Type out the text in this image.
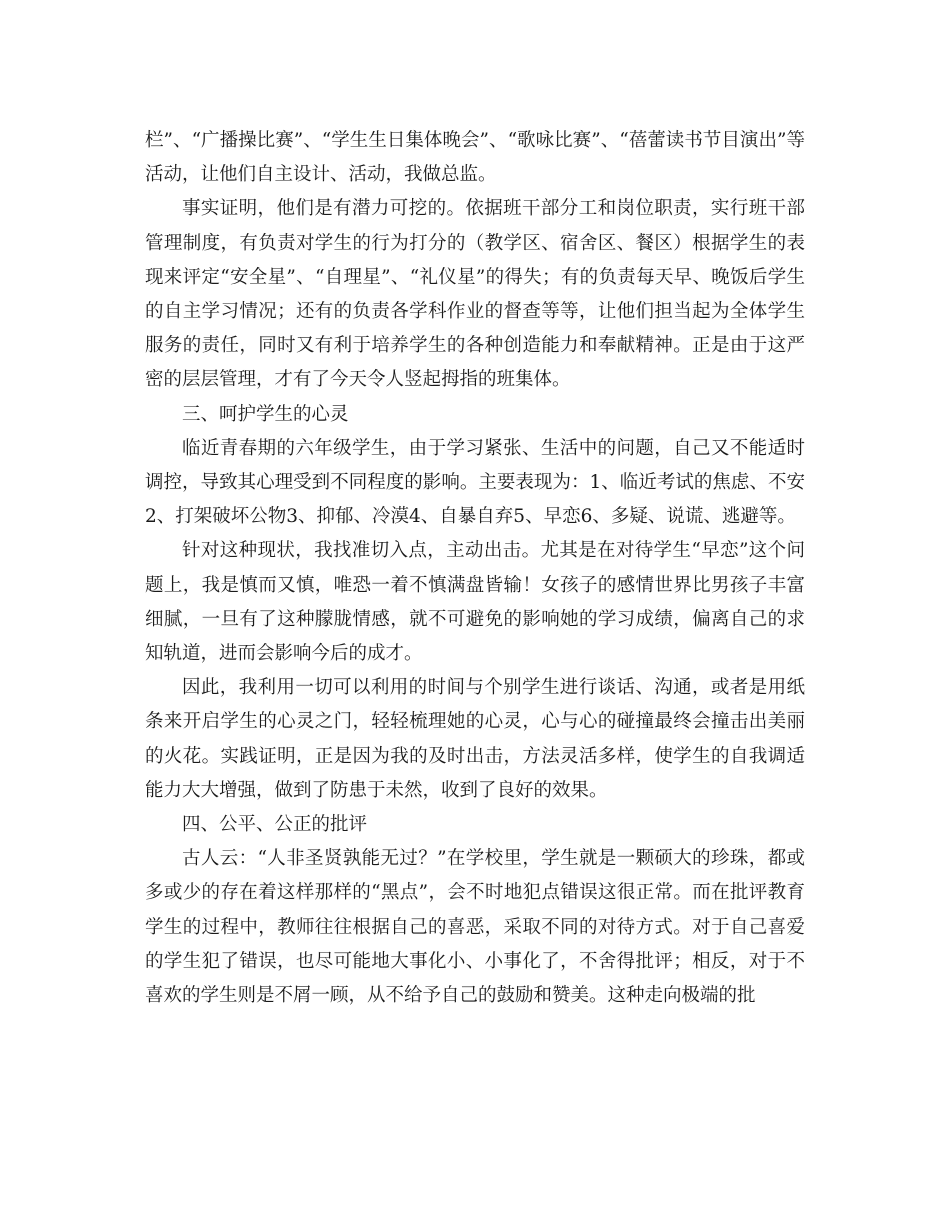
栏”、“广播操比赛”、“学生生日集体晚会”、“歌咏比赛”、“蓓蕾读书节目演出”等活动，让他们自主设计、活动，我做总监。

事实证明，他们是有潜力可挖的。依据班干部分工和岗位职责，实行班干部管理制度，有负责对学生的行为打分的（教学区、宿舍区、餐区）根据学生的表现来评定“安全星”、“自理星”、“礼仪星”的得失；有的负责每天早、晚饭后学生的自主学习情况；还有的负责各学科作业的督查等等，让他们担当起为全体学生服务的责任，同时又有利于培养学生的各种创造能力和奉献精神。正是由于这严密的层层管理，才有了今天令人竖起拇指的班集体。

三、呵护学生的心灵

临近青春期的六年级学生，由于学习紧张、生活中的问题，自己又不能适时调控，导致其心理受到不同程度的影响。主要表现为：1、临近考试的焦虑、不安2、打架破坏公物3、抑郁、冷漠4、自暴自弃5、早恋6、多疑、说谎、逃避等。

针对这种现状，我找准切入点，主动出击。尤其是在对待学生“早恋”这个问题上，我是慎而又慎，唯恐一着不慎满盘皆输！女孩子的感情世界比男孩子丰富细腻，一旦有了这种朦胧情感，就不可避免的影响她的学习成绩，偏离自己的求知轨道，进而会影响今后的成才。

因此，我利用一切可以利用的时间与个别学生进行谈话、沟通，或者是用纸条来开启学生的心灵之门，轻轻梳理她的心灵，心与心的碰撞最终会撞击出美丽的火花。实践证明，正是因为我的及时出击，方法灵活多样，使学生的自我调适能力大大增强，做到了防患于未然，收到了良好的效果。

四、公平、公正的批评

古人云：“人非圣贤孰能无过？”在学校里，学生就是一颗硕大的珍珠，都或多或少的存在着这样那样的“黑点”，会不时地犯点错误这很正常。而在批评教育学生的过程中，教师往往根据自己的喜恶，采取不同的对待方式。对于自己喜爱的学生犯了错误，也尽可能地大事化小、小事化了，不舍得批评；相反，对于不喜欢的学生则是不屑一顾，从不给予自己的鼓励和赞美。这种走向极端的批
